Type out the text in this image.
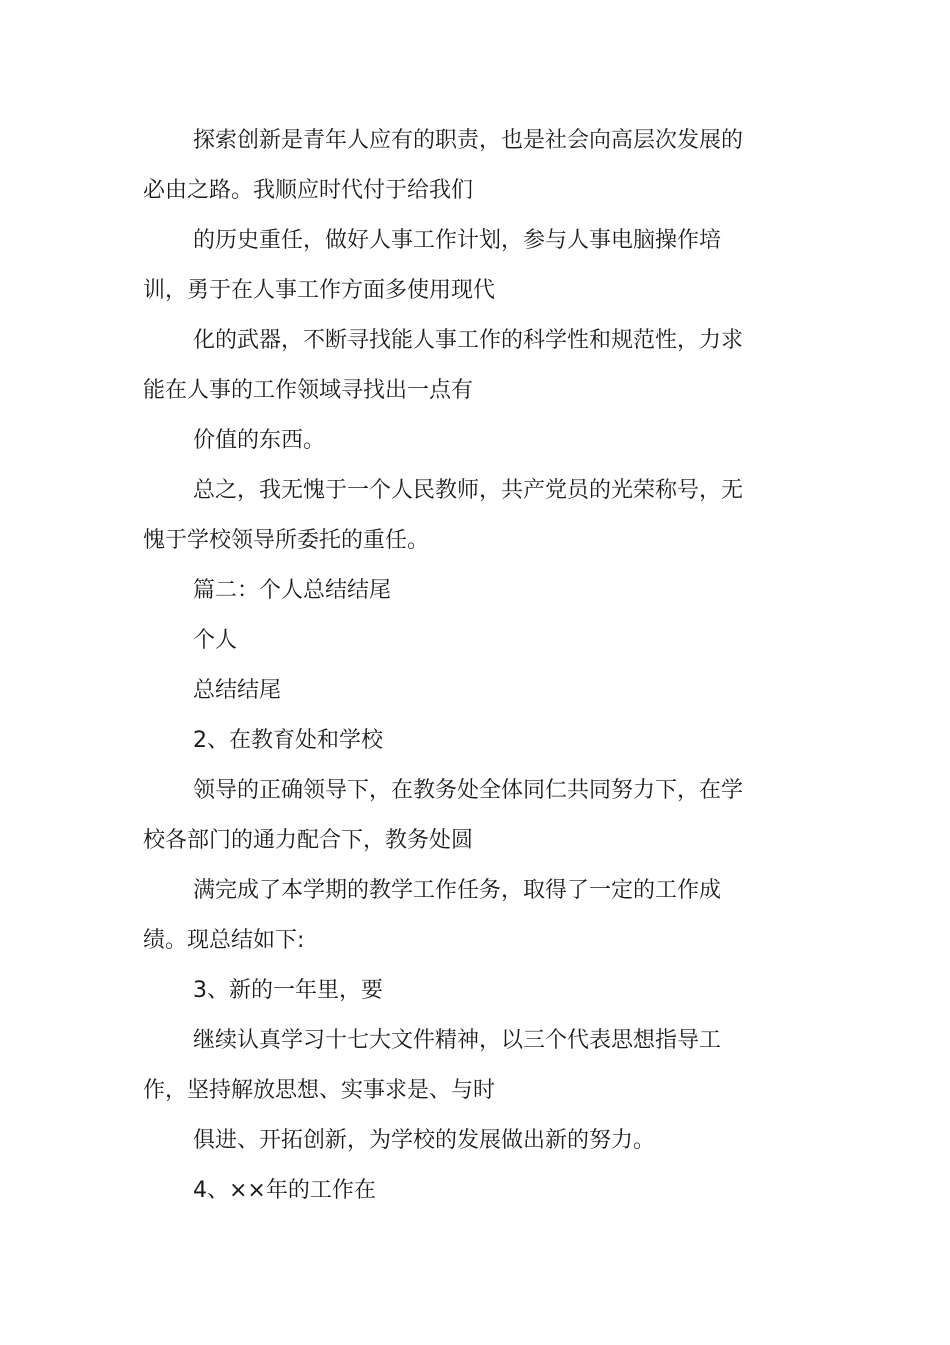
探索创新是青年人应有的职责，也是社会向高层次发展的必由之路。我顺应时代付于给我们

的历史重任，做好人事工作计划，参与人事电脑操作培训，勇于在人事工作方面多使用现代

化的武器，不断寻找能人事工作的科学性和规范性，力求能在人事的工作领域寻找出一点有

价值的东西。

总之，我无愧于一个人民教师，共产党员的光荣称号，无愧于学校领导所委托的重任。

篇二：个人总结结尾

个人

总结结尾

2、在教育处和学校

领导的正确领导下，在教务处全体同仁共同努力下，在学校各部门的通力配合下，教务处圆

满完成了本学期的教学工作任务，取得了一定的工作成绩。现总结如下:

3、新的一年里，要

继续认真学习十七大文件精神，以三个代表思想指导工作，坚持解放思想、实事求是、与时

俱进、开拓创新，为学校的发展做出新的努力。

4、××年的工作在
